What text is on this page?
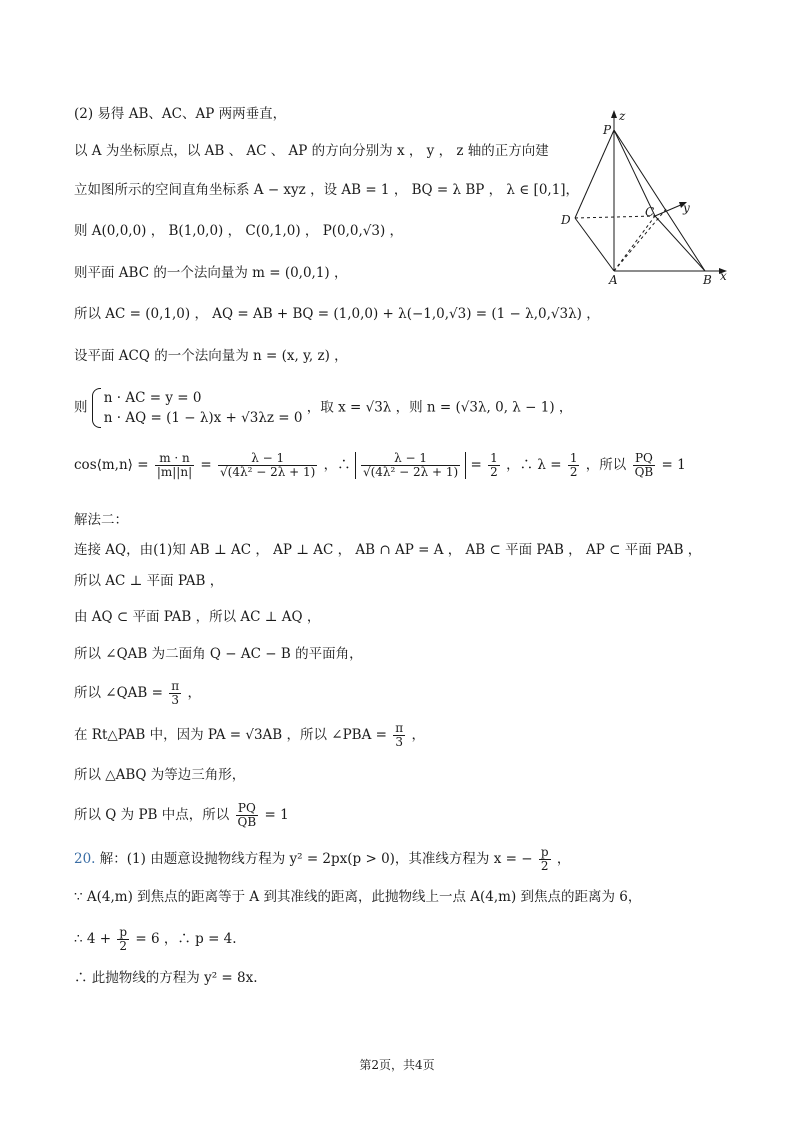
z
P
D
C y
A	B x
(2) 易得 AB、AC、AP 两两垂直，
以 A 为坐标原点，以 AB 、 AC 、 AP 的方向分别为 x ， y ， z 轴的正方向建
立如图所示的空间直角坐标系 A − xyz ，设 AB = 1 ， BQ = λ BP ， λ ∈ [0,1]，
则 A(0,0,0) ， B(1,0,0) ， C(0,1,0) ， P(0,0,√3) ，
则平面 ABC 的一个法向量为 m = (0,0,1) ，
所以 AC = (0,1,0) ， AQ = AB + BQ = (1,0,0) + λ(−1,0,√3) = (1 − λ,0,√3λ) ，
设平面 ACQ 的一个法向量为 n = (x, y, z) ，
则
n · AC = y = 0
n · AQ = (1 − λ)x + √3λz = 0
，取 x = √3λ ，则 n = (√3λ, 0, λ − 1) ，
cos⟨m,n⟩ = $\frac{m \cdot n}{|m||n|} = \frac{\lambda - 1}{\text{√(4λ² − 2λ + 1)}}$ ，∴ $\frac{\lambda - 1}{\text{√(4λ² − 2λ + 1)}} = \frac{1}{2}$ ，∴ $\lambda = \frac{1}{2}$ ，所以 $\frac{PQ}{QB} = 1$
解法二：
连接 AQ，由(1)知 AB ⊥ AC ， AP ⊥ AC ， AB ∩ AP = A ， AB ⊂ 平面 PAB ， AP ⊂ 平面 PAB ，
所以 AC ⊥ 平面 PAB ，
由 AQ ⊂ 平面 PAB ，所以 AC ⊥ AQ ，
所以 ∠QAB 为二面角 Q − AC − B 的平面角，
所以 ∠QAB = $\frac{\pi}{3}$ ，
在 Rt△PAB 中，因为 PA = √3AB ，所以 ∠PBA = $\frac{\pi}{3}$ ，
所以 △ABQ 为等边三角形，
所以 Q 为 PB 中点，所以 $\frac{PQ}{QB} = 1$
20. 解：(1) 由题意设抛物线方程为 y² = 2px(p > 0)，其准线方程为 x = − $\frac{p}{2}$ ，
∵ A(4,m) 到焦点的距离等于 A 到其准线的距离，此抛物线上一点 A(4,m) 到焦点的距离为 6，
∴ $4 + \frac{p}{2} = 6$ ，∴ p = 4.
∴ 此抛物线的方程为 y² = 8x.
第2页，共4页
